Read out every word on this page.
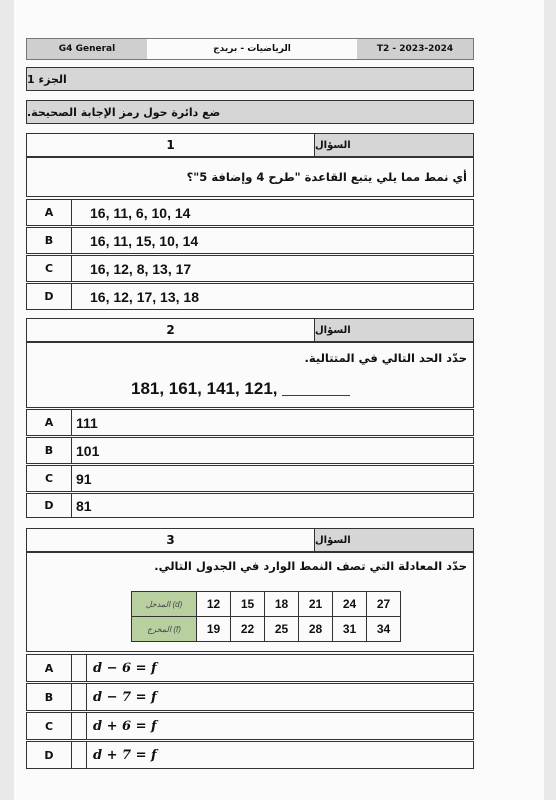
G4 General	الرياضيات - بريدج	T2 - 2023-2024
الجزء 1
ضع دائرة حول رمز الإجابة الصحيحة.
1	السؤال
أي نمط مما يلي يتبع القاعدة "طرح 4 وإضافة 5"؟
A	16, 11, 6, 10, 14
B	16, 11, 15, 10, 14
C	16, 12, 8, 13, 17
D	16, 12, 17, 13, 18
2	السؤال
حدّد الحد التالي في المتتالية.
181, 161, 141, 121,
A	111
B	101
C	91
D	81
3	السؤال
حدّد المعادلة التي تصف النمط الوارد في الجدول التالي.
المدخل (d)	12	15	18	21	24	27
المخرج (f)	19	22	25	28	31	34
A	d − 6 = f
B	d − 7 = f
C	d + 6 = f
D	d + 7 = f
